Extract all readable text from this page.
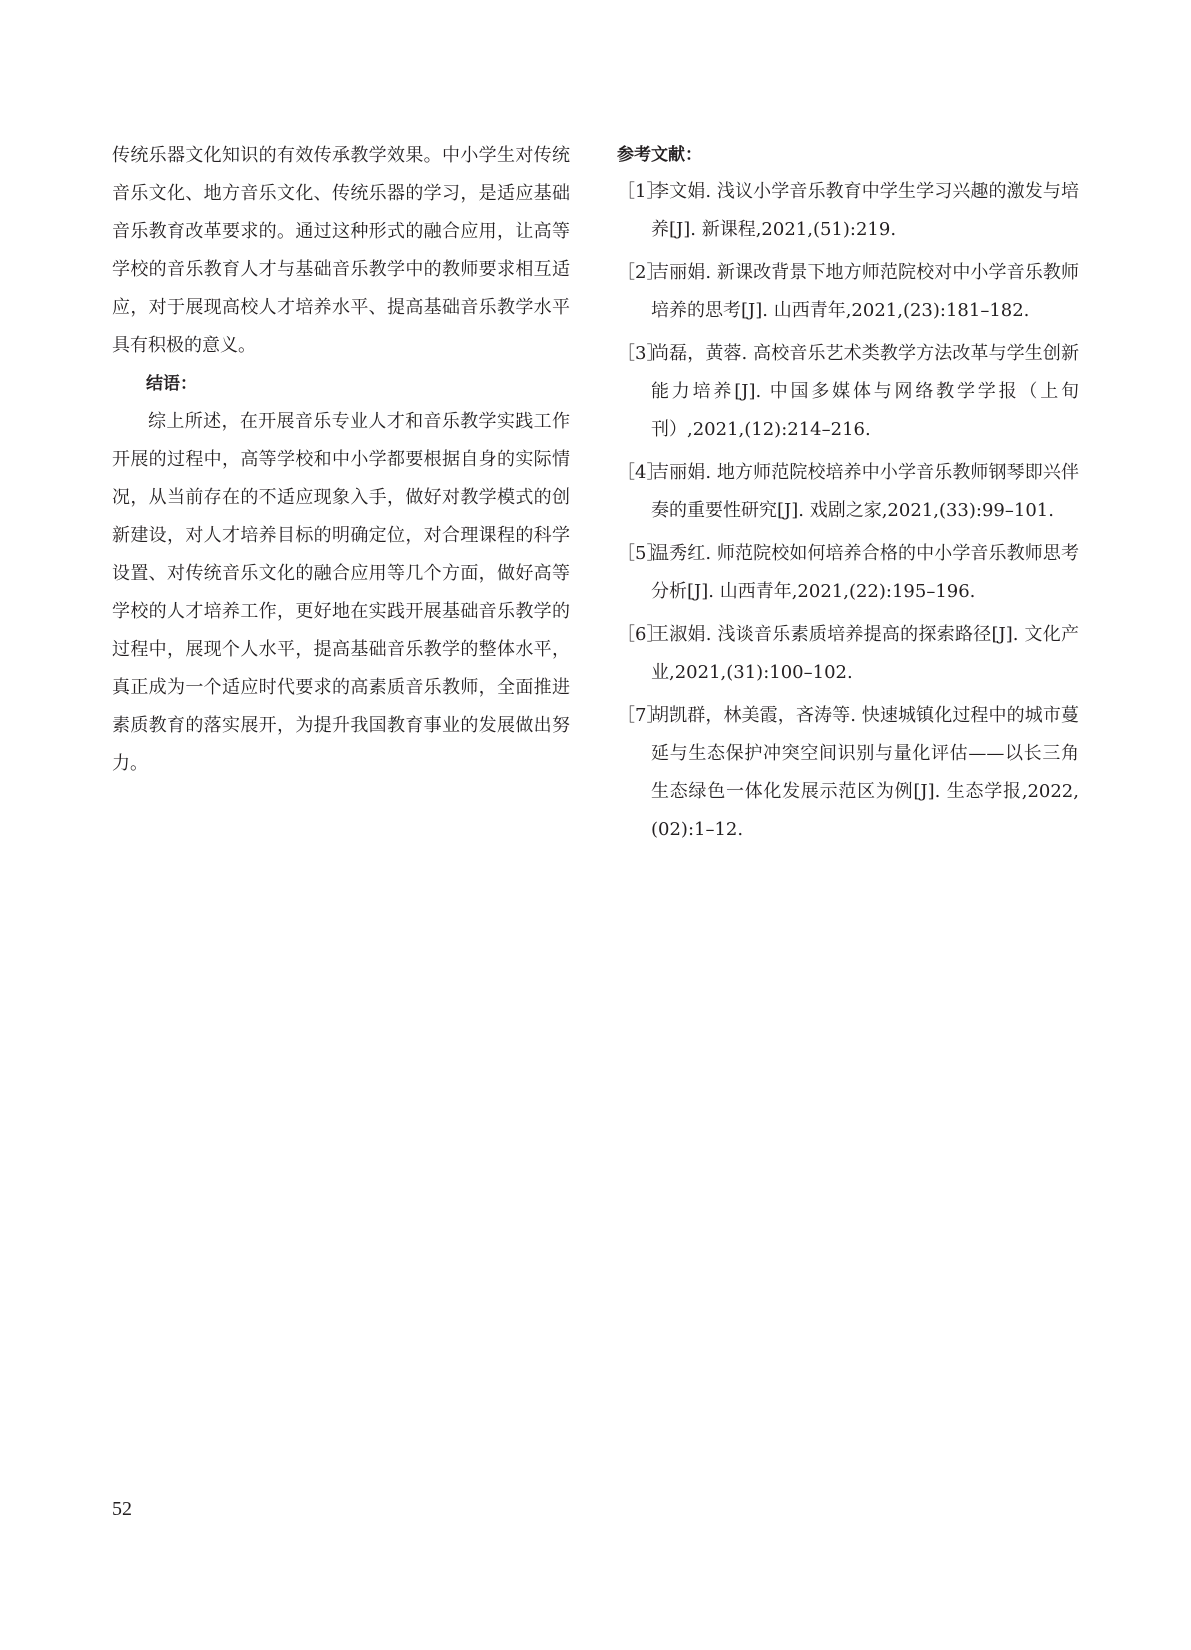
传统乐器文化知识的有效传承教学效果。中小学生对传统音乐文化、地方音乐文化、传统乐器的学习，是适应基础音乐教育改革要求的。通过这种形式的融合应用，让高等学校的音乐教育人才与基础音乐教学中的教师要求相互适应，对于展现高校人才培养水平、提高基础音乐教学水平具有积极的意义。

结语：

综上所述，在开展音乐专业人才和音乐教学实践工作开展的过程中，高等学校和中小学都要根据自身的实际情况，从当前存在的不适应现象入手，做好对教学模式的创新建设，对人才培养目标的明确定位，对合理课程的科学设置、对传统音乐文化的融合应用等几个方面，做好高等学校的人才培养工作，更好地在实践开展基础音乐教学的过程中，展现个人水平，提高基础音乐教学的整体水平，真正成为一个适应时代要求的高素质音乐教师，全面推进素质教育的落实展开，为提升我国教育事业的发展做出努力。

参考文献：

［1］
李文娟. 浅议小学音乐教育中学生学习兴趣的激发与培养[J]. 新课程,2021,(51):219.
［2］
吉丽娟. 新课改背景下地方师范院校对中小学音乐教师培养的思考[J]. 山西青年,2021,(23):181–182.
［3］
尚磊，黄蓉. 高校音乐艺术类教学方法改革与学生创新能力培养[J]. 中国多媒体与网络教学学报（上旬刊）,2021,(12):214–216.
［4］
吉丽娟. 地方师范院校培养中小学音乐教师钢琴即兴伴奏的重要性研究[J]. 戏剧之家,2021,(33):99–101.
［5］
温秀红. 师范院校如何培养合格的中小学音乐教师思考分析[J]. 山西青年,2021,(22):195–196.
［6］
王淑娟. 浅谈音乐素质培养提高的探索路径[J]. 文化产业,2021,(31):100–102.
［7］
胡凯群，林美霞，吝涛等. 快速城镇化过程中的城市蔓延与生态保护冲突空间识别与量化评估——以长三角生态绿色一体化发展示范区为例[J]. 生态学报,2022,(02):1–12.
52
